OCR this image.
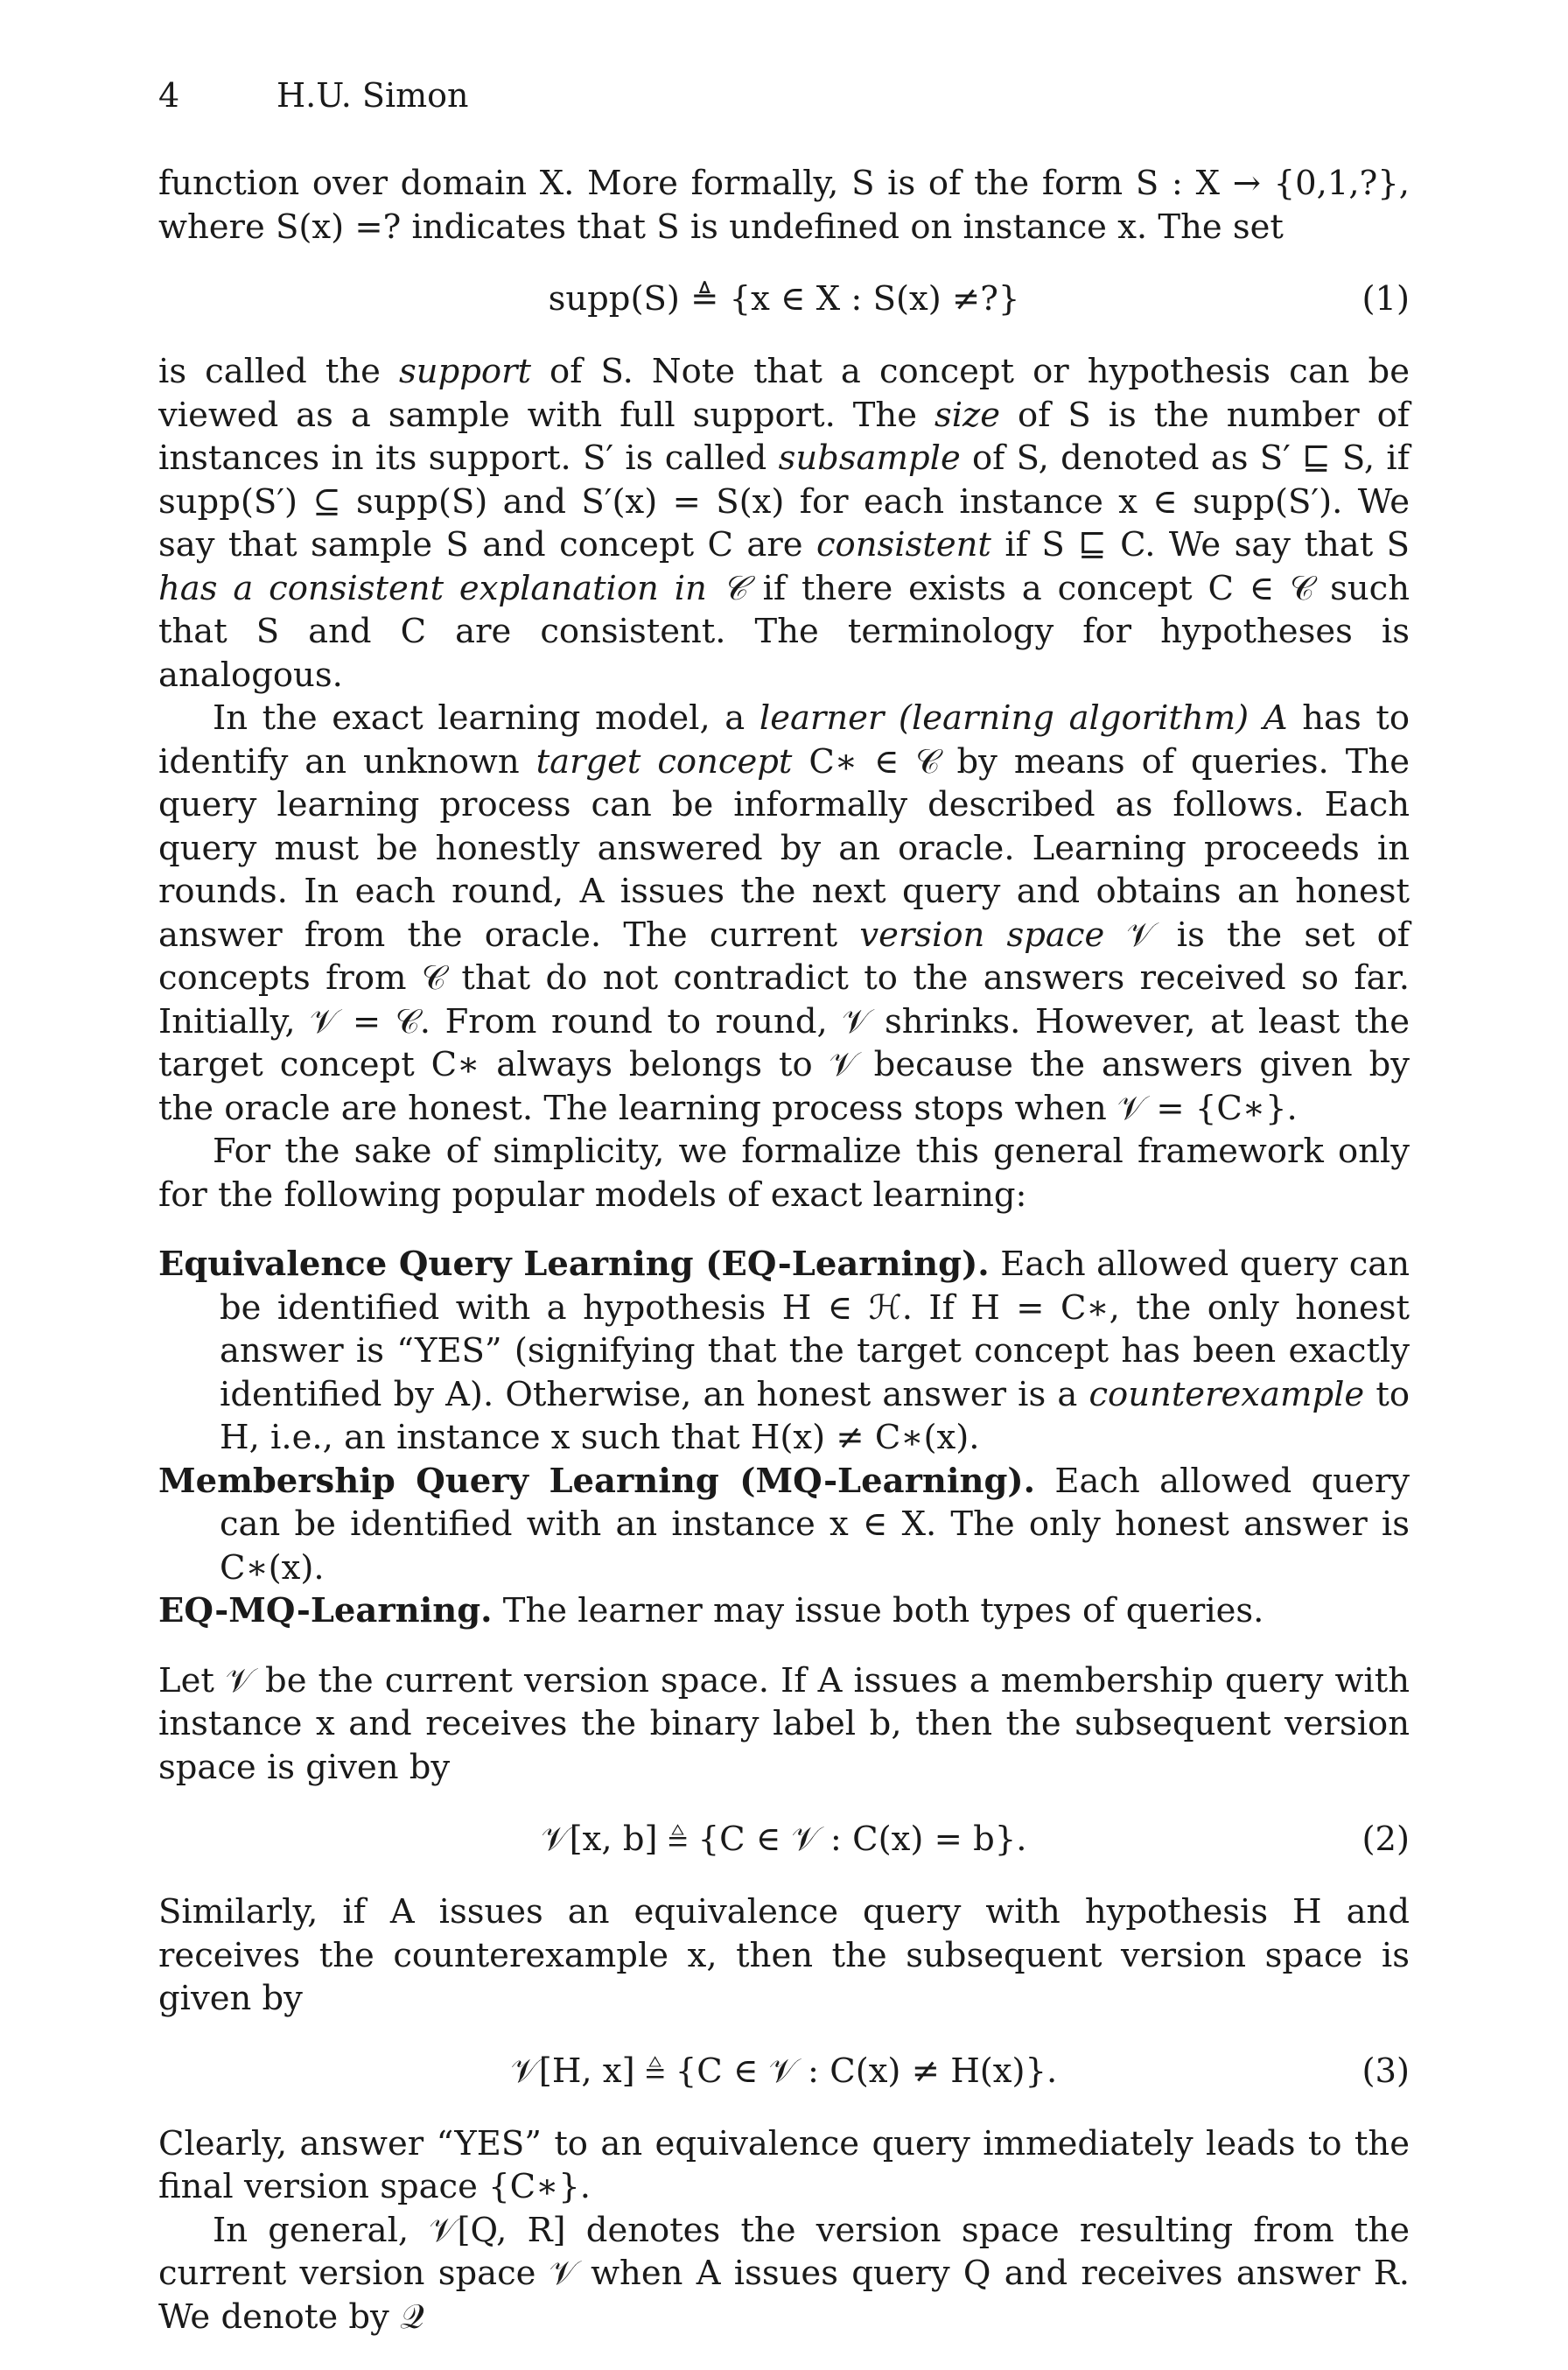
4	H.U. Simon

function over domain X. More formally, S is of the form S : X → {0,1,?}, where S(x) =? indicates that S is undefined on instance x. The set

supp(S) ≜ {x ∈ X : S(x) ≠?}	(1)

is called the support of S. Note that a concept or hypothesis can be viewed as a sample with full support. The size of S is the number of instances in its support. S′ is called subsample of S, denoted as S′ ⊑ S, if supp(S′) ⊆ supp(S) and S′(x) = S(x) for each instance x ∈ supp(S′). We say that sample S and concept C are consistent if S ⊑ C. We say that S has a consistent explanation in 𝒞 if there exists a concept C ∈ 𝒞 such that S and C are consistent. The terminology for hypotheses is analogous.

In the exact learning model, a learner (learning algorithm) A has to identify an unknown target concept C∗ ∈ 𝒞 by means of queries. The query learning process can be informally described as follows. Each query must be honestly answered by an oracle. Learning proceeds in rounds. In each round, A issues the next query and obtains an honest answer from the oracle. The current version space 𝒱 is the set of concepts from 𝒞 that do not contradict to the answers received so far. Initially, 𝒱 = 𝒞. From round to round, 𝒱 shrinks. However, at least the target concept C∗ always belongs to 𝒱 because the answers given by the oracle are honest. The learning process stops when 𝒱 = {C∗}.

For the sake of simplicity, we formalize this general framework only for the following popular models of exact learning:

Equivalence Query Learning (EQ-Learning). Each allowed query can be identified with a hypothesis H ∈ ℋ. If H = C∗, the only honest answer is “YES” (signifying that the target concept has been exactly identified by A). Otherwise, an honest answer is a counterexample to H, i.e., an instance x such that H(x) ≠ C∗(x).
Membership Query Learning (MQ-Learning). Each allowed query can be identified with an instance x ∈ X. The only honest answer is C∗(x).
EQ-MQ-Learning. The learner may issue both types of queries.

Let 𝒱 be the current version space. If A issues a membership query with instance x and receives the binary label b, then the subsequent version space is given by

𝒱[x, b] ≜ {C ∈ 𝒱 : C(x) = b}.	(2)

Similarly, if A issues an equivalence query with hypothesis H and receives the counterexample x, then the subsequent version space is given by

𝒱[H, x] ≜ {C ∈ 𝒱 : C(x) ≠ H(x)}.	(3)

Clearly, answer “YES” to an equivalence query immediately leads to the final version space {C∗}.

In general, 𝒱[Q, R] denotes the version space resulting from the current version space 𝒱 when A issues query Q and receives answer R. We denote by 𝒬
